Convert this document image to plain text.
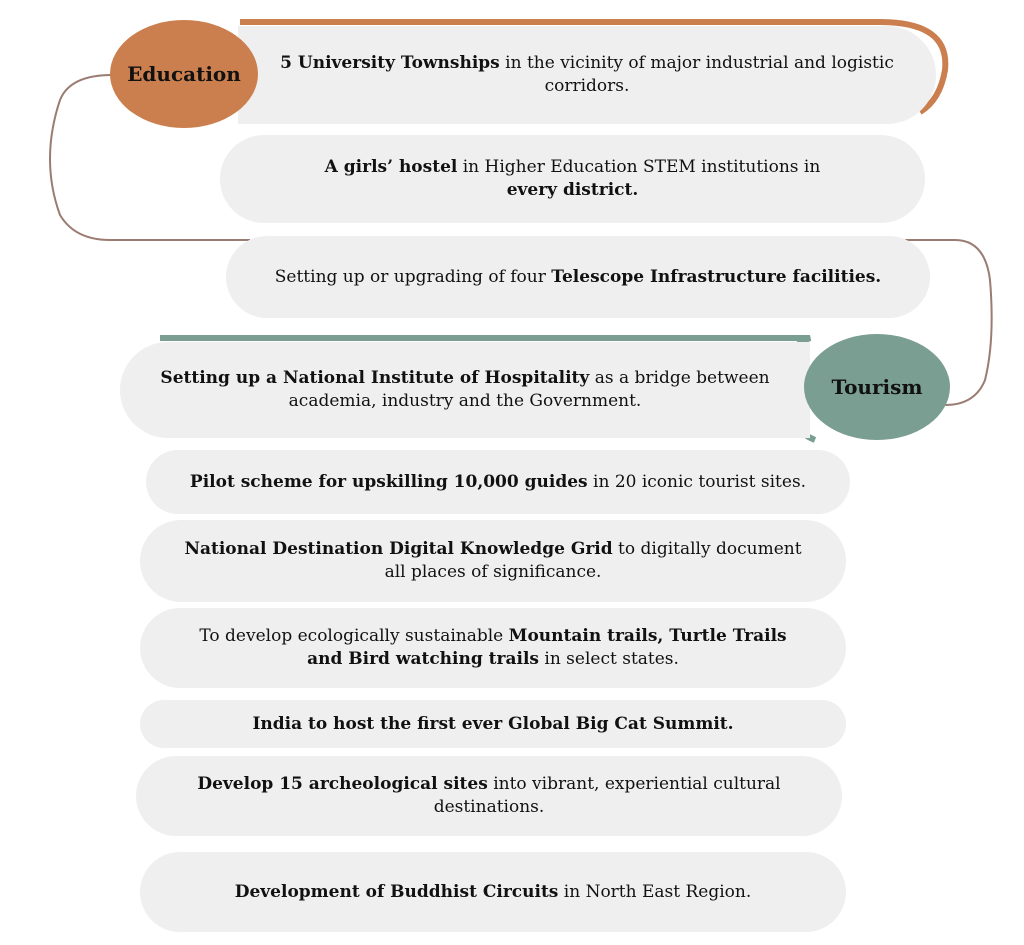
5 University Townships in the vicinity of major industrial and logistic corridors.
A girls’ hostel in Higher Education STEM institutions in
every district.
Setting up or upgrading of four Telescope Infrastructure facilities.
Education
Setting up a National Institute of Hospitality as a bridge between academia, industry and the Government.
Tourism
Pilot scheme for upskilling 10,000 guides in 20 iconic tourist sites.
National Destination Digital Knowledge Grid to digitally document all places of significance.
To develop ecologically sustainable Mountain trails, Turtle Trails and Bird watching trails in select states.
India to host the first ever Global Big Cat Summit.
Develop 15 archeological sites into vibrant, experiential cultural destinations.
Development of Buddhist Circuits in North East Region.
